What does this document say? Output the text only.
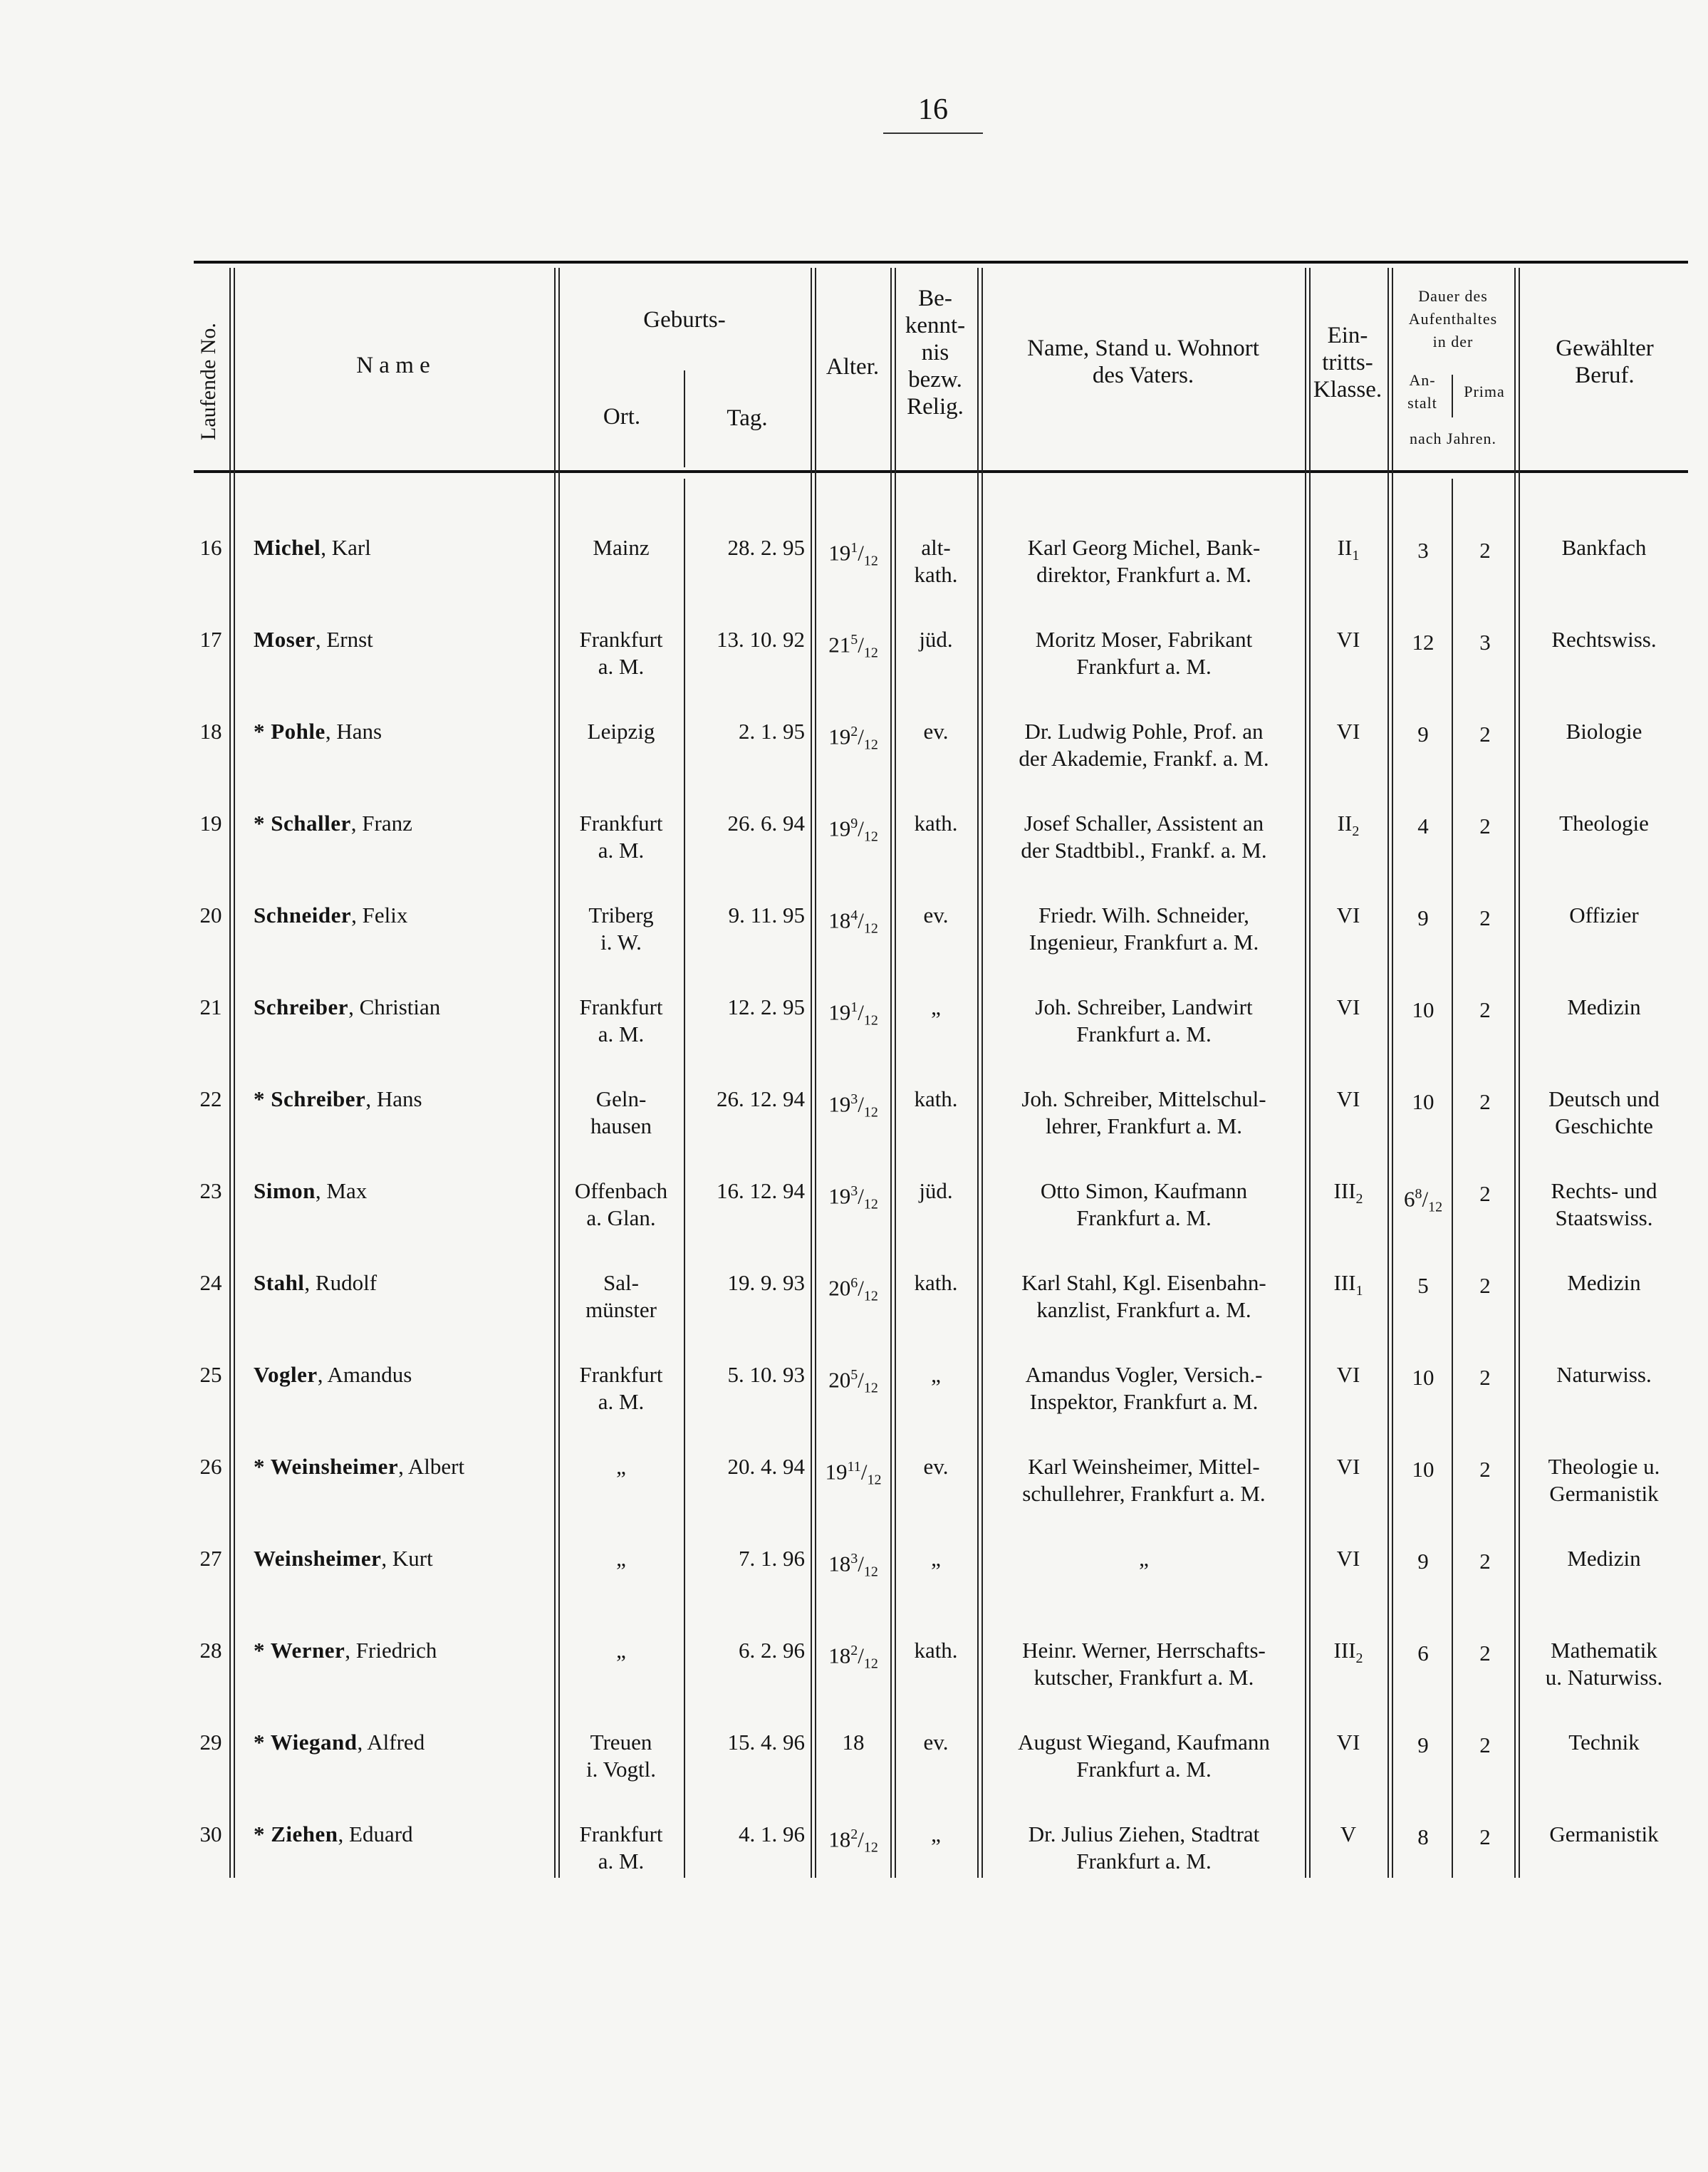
16
Laufende No.	N a m e
Geburts-
Ort.	Tag.
Alter.
Be-
kennt-
nis
bezw.
Relig.
Name, Stand u. Wohnort
des Vaters.
Ein-
tritts-
Klasse.
Dauer des
Aufenthaltes
in der
An-
stalt
Prima
nach Jahren.
Gewählter
Beruf.
16 Michel, Karl	Mainz	28. 2. 95	$19^1/_{12}$
alt-
kath.
Karl Georg Michel, Bank-
direktor, Frankfurt a. M.
$II_1$	3	2	Bankfach
17 Moser, Ernst	Frankfurt
a. M.
13. 10. 92	$21^5/_{12}$
jüd.	Moritz Moser, Fabrikant
Frankfurt a. M.
VI	12	3	Rechtswiss.
18 * Pohle, Hans	Leipzig	2. 1. 95	$19^2/_{12}$
ev.	Dr. Ludwig Pohle, Prof. an
der Akademie, Frankf. a. M.
VI	9	2	Biologie
19 * Schaller, Franz	Frankfurt
a. M.
26. 6. 94	$19^9/_{12}$
kath.	Josef Schaller, Assistent an
der Stadtbibl., Frankf. a. M.
$II_2$	4	2	Theologie
20 Schneider, Felix	Triberg
i. W.
9. 11. 95	$18^4/_{12}$
ev.	Friedr. Wilh. Schneider,
Ingenieur, Frankfurt a. M.
VI	9	2	Offizier
21 Schreiber, Christian	Frankfurt
a. M.
12. 2. 95	$19^1/_{12}$
„	Joh. Schreiber, Landwirt
Frankfurt a. M.
VI	10	2	Medizin
22 * Schreiber, Hans	Geln-
hausen
26. 12. 94	$19^3/_{12}$
kath.	Joh. Schreiber, Mittelschul-
lehrer, Frankfurt a. M.
VI	10	2	Deutsch und
Geschichte
23 Simon, Max	Offenbach
a. Glan.
16. 12. 94	$19^3/_{12}$
jüd.	Otto Simon, Kaufmann
Frankfurt a. M.
$III_2$	$6^8/_{12}$
2	Rechts- und
Staatswiss.
24 Stahl, Rudolf	Sal-
münster
19. 9. 93	$20^6/_{12}$
kath.	Karl Stahl, Kgl. Eisenbahn-
kanzlist, Frankfurt a. M.
$III_1$	5	2	Medizin
25 Vogler, Amandus	Frankfurt
a. M.
5. 10. 93	$20^5/_{12}$
„	Amandus Vogler, Versich.-
Inspektor, Frankfurt a. M.
VI	10	2	Naturwiss.
26 * Weinsheimer, Albert	„	20. 4. 94 $19^{11}/_{12}$
ev.	Karl Weinsheimer, Mittel-
schullehrer, Frankfurt a. M.
VI	10	2	Theologie u.
Germanistik
27 Weinsheimer, Kurt	„	7. 1. 96	$18^3/_{12}$
„	„	VI	9	2	Medizin
28 * Werner, Friedrich	„	6. 2. 96	$18^2/_{12}$
kath.	Heinr. Werner, Herrschafts-
kutscher, Frankfurt a. M.
$III_2$	6	2	Mathematik
u. Naturwiss.
29 * Wiegand, Alfred	Treuen
i. Vogtl.
15. 4. 96	18	ev.	August Wiegand, Kaufmann
Frankfurt a. M.
VI	9	2	Technik
30 * Ziehen, Eduard	Frankfurt
a. M.
4. 1. 96	$18^2/_{12}$
„	Dr. Julius Ziehen, Stadtrat
Frankfurt a. M.
V	8	2	Germanistik
